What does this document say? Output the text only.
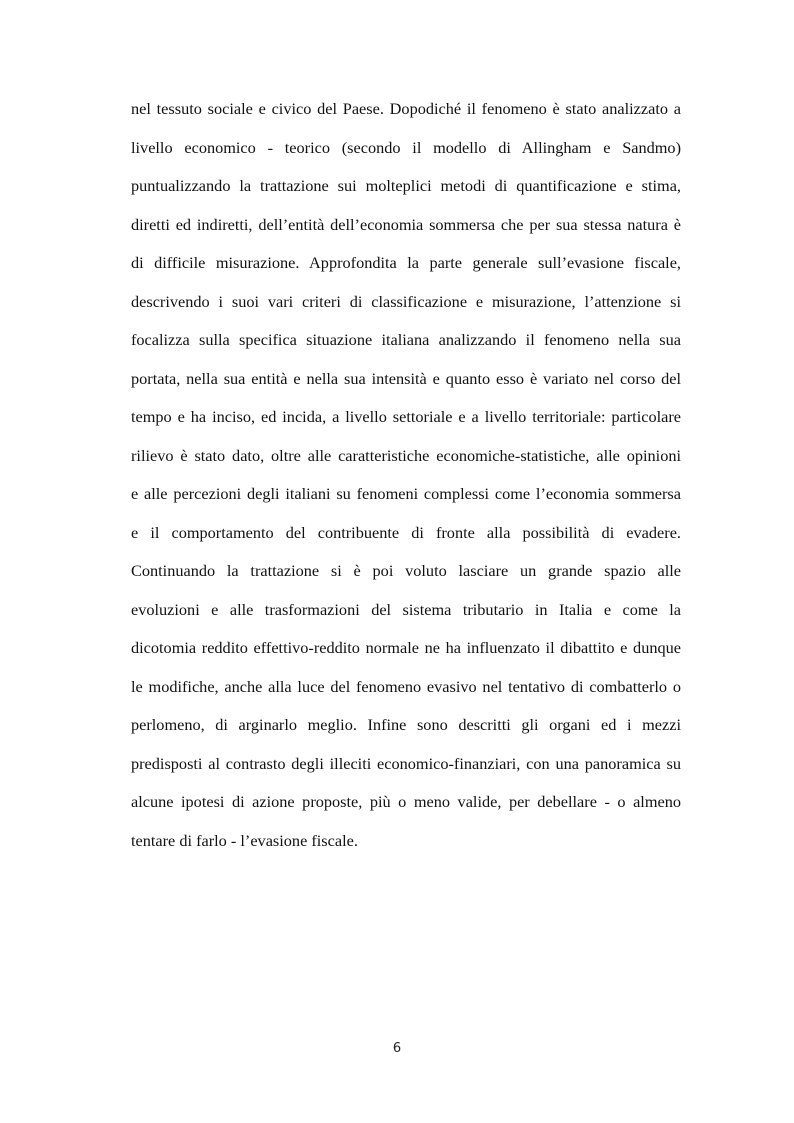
nel tessuto sociale e civico del Paese. Dopodiché il fenomeno è stato analizzato a
livello economico - teorico (secondo il modello di Allingham e Sandmo)
puntualizzando la trattazione sui molteplici metodi di quantificazione e stima,
diretti ed indiretti, dell’entità dell’economia sommersa che per sua stessa natura è
di difficile misurazione. Approfondita la parte generale sull’evasione fiscale,
descrivendo i suoi vari criteri di classificazione e misurazione, l’attenzione si
focalizza sulla specifica situazione italiana analizzando il fenomeno nella sua
portata, nella sua entità e nella sua intensità e quanto esso è variato nel corso del
tempo e ha inciso, ed incida, a livello settoriale e a livello territoriale: particolare
rilievo è stato dato, oltre alle caratteristiche economiche-statistiche, alle opinioni
e alle percezioni degli italiani su fenomeni complessi come l’economia sommersa
e il comportamento del contribuente di fronte alla possibilità di evadere.
Continuando la trattazione si è poi voluto lasciare un grande spazio alle
evoluzioni e alle trasformazioni del sistema tributario in Italia e come la
dicotomia reddito effettivo-reddito normale ne ha influenzato il dibattito e dunque
le modifiche, anche alla luce del fenomeno evasivo nel tentativo di combatterlo o
perlomeno, di arginarlo meglio. Infine sono descritti gli organi ed i mezzi
predisposti al contrasto degli illeciti economico-finanziari, con una panoramica su
alcune ipotesi di azione proposte, più o meno valide, per debellare - o almeno
tentare di farlo - l’evasione fiscale.

6
